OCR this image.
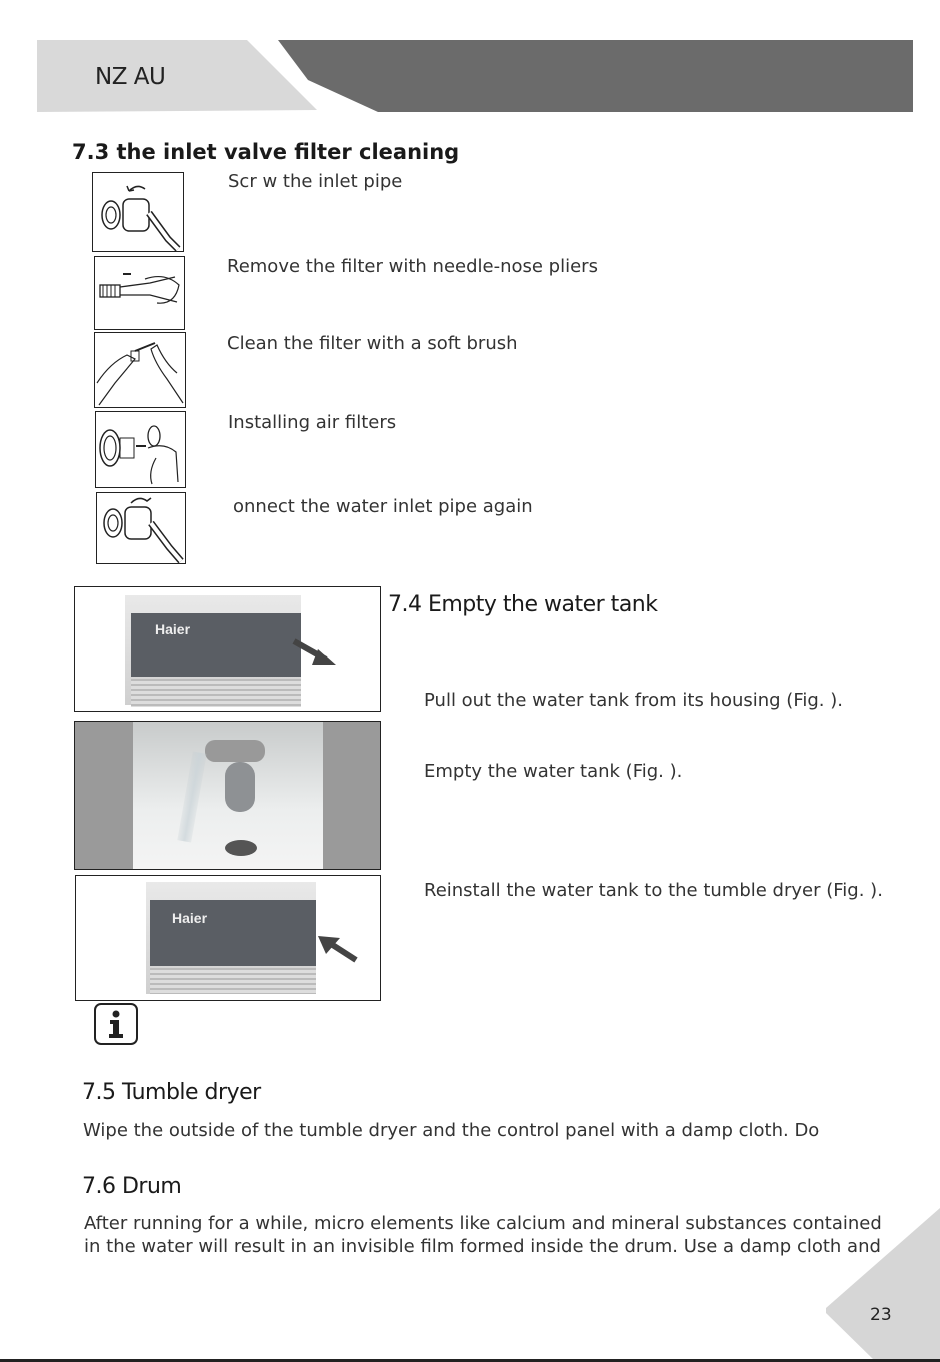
NZ AU
7.3 the inlet valve filter cleaning
Scr w the inlet pipe
Remove the filter with needle-nose pliers
Clean the filter with a soft brush
Installing air filters
onnect the water inlet pipe again
Haier
Haier
7.4 Empty the water tank
Pull out the water tank from its housing (Fig. ).
Empty the water tank (Fig. ).
Reinstall the water tank to the tumble dryer (Fig. ).
7.5 Tumble dryer
Wipe the outside of the tumble dryer and the control panel with a damp cloth. Do
7.6 Drum
After running for a while, micro elements like calcium and mineral substances contained
in the water will result in an invisible film formed inside the drum. Use a damp cloth and
23
